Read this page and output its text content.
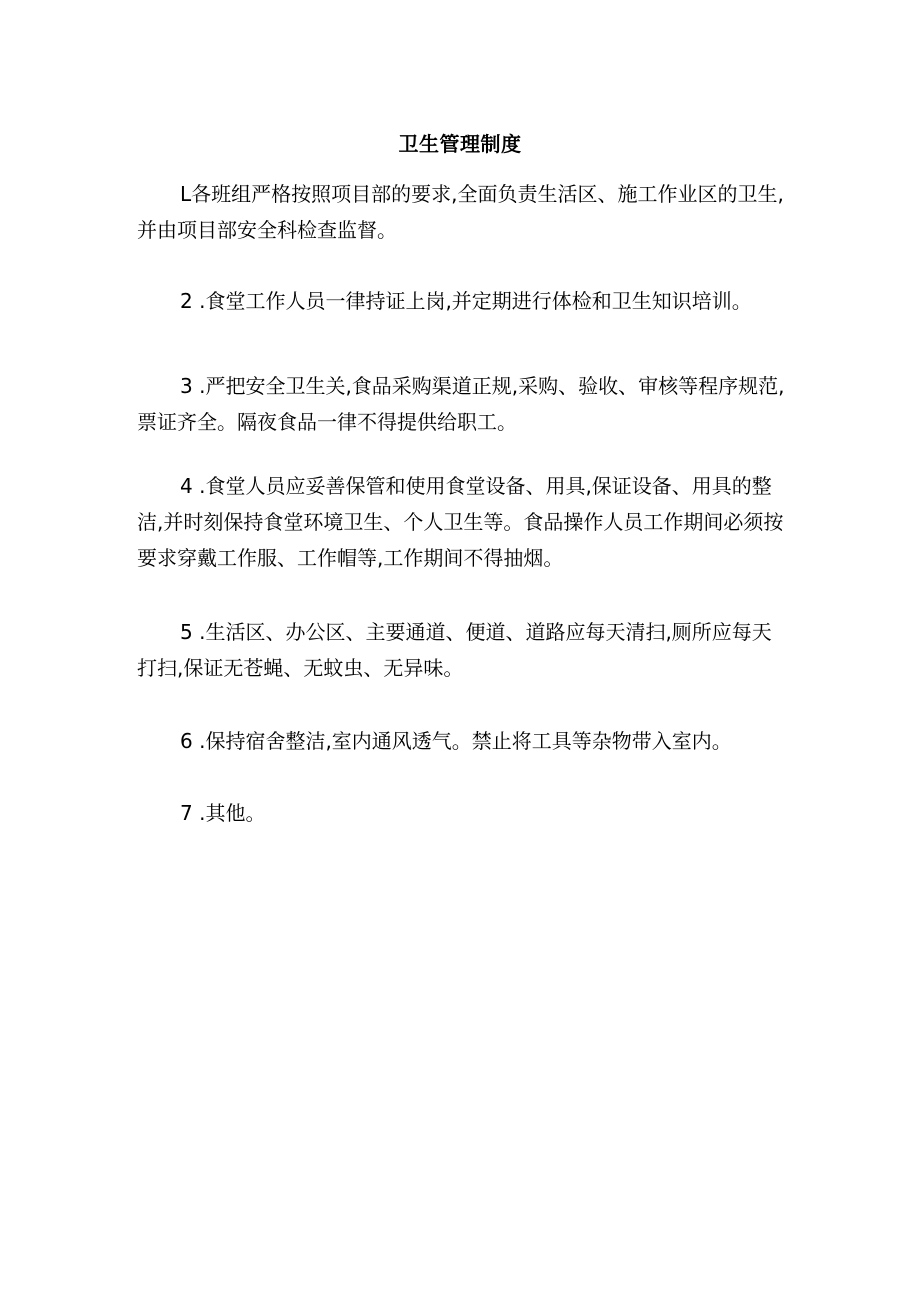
卫生管理制度

L各班组严格按照项目部的要求,全面负责生活区、施工作业区的卫生,并由项目部安全科检查监督。

2 .食堂工作人员一律持证上岗,并定期进行体检和卫生知识培训。

3 .严把安全卫生关,食品采购渠道正规,采购、验收、审核等程序规范,票证齐全。隔夜食品一律不得提供给职工。

4 .食堂人员应妥善保管和使用食堂设备、用具,保证设备、用具的整洁,并时刻保持食堂环境卫生、个人卫生等。食品操作人员工作期间必须按要求穿戴工作服、工作帽等,工作期间不得抽烟。

5 .生活区、办公区、主要通道、便道、道路应每天清扫,厕所应每天打扫,保证无苍蝇、无蚊虫、无异味。

6 .保持宿舍整洁,室内通风透气。禁止将工具等杂物带入室内。

7 .其他。
